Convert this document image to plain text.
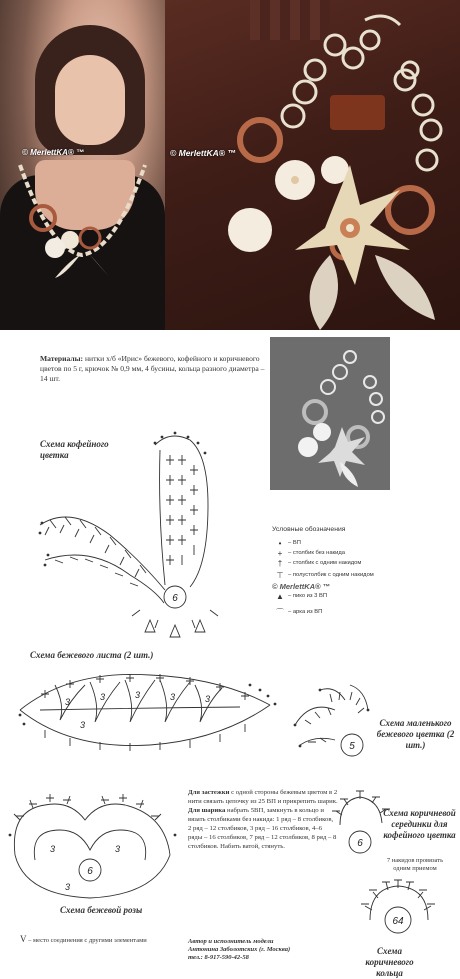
© MerlettKA® ™	© MerlettKA® ™
Материалы: нитки х/б «Ирис» бежевого, кофейного и коричневого цветов по 5 г, крючок № 0,9 мм, 4 бусины, кольца разного диаметра – 14 шт.
Схема кофейного цветка
6
Условные обозначения
•	– ВП
+ – столбик без накида
† – столбик с одним накидом
⊤ – полустолбик с одним накидом
© MerlettKA® ™
▲ – пико из 3 ВП
⌒ – арка из ВП
Схема бежевого листа (2 шт.)
3	3	3	3	3
3
5
Схема маленького бежевого цветка (2 шт.)
3	3
3
6
Схема бежевой розы
Для застежки с одной стороны бежевым цветом в 2 нити связать цепочку из 25 ВП и прикрепить шарик. Для шарика набрать 5ВП, замкнуть в кольцо и вязать столбиками без накида: 1 ряд – 8 столбиков, 2 ряд – 12 столбиков, 3 ряд – 16 столбиков, 4–6 ряды – 16 столбиков, 7 ряд – 12 столбиков, 8 ряд – 8 столбиков. Набить ватой, стянуть.	6
Схема коричневой серединки для кофейного цветка
7 накидов провязать одним приемом
64
Схема коричневого кольца
V – место соединения с другими элементами	Автор и исполнитель модели
Антонина Заболотских (г. Москва)
тел.: 8-917-590-42-58
